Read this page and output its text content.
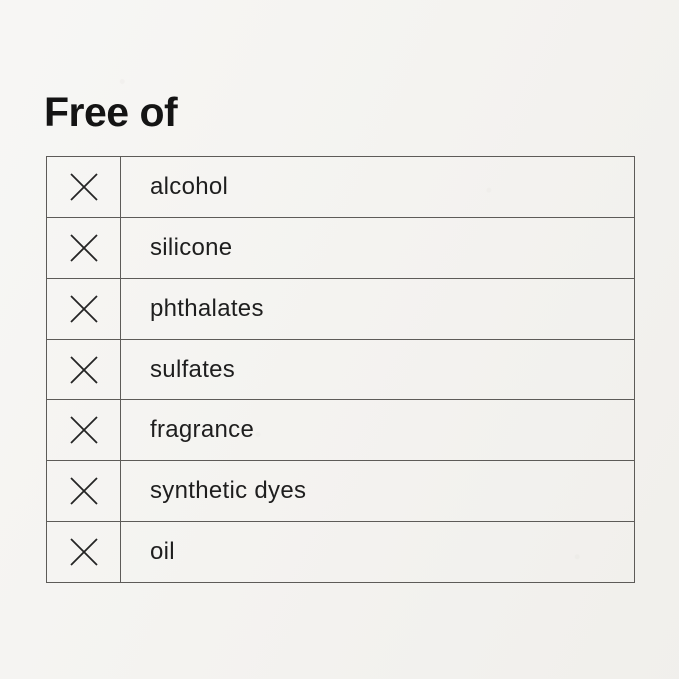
Free of
alcohol
silicone
phthalates
sulfates
fragrance
synthetic dyes
oil
